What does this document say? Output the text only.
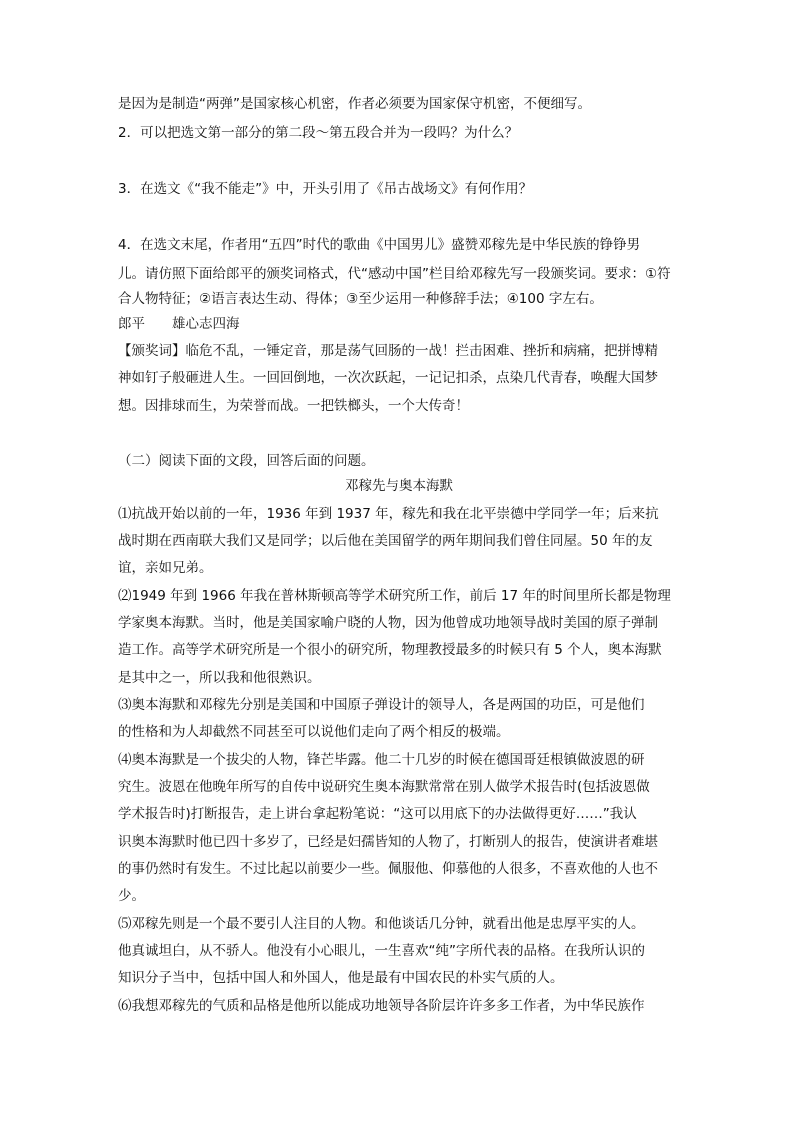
是因为是制造“两弹”是国家核心机密，作者必须要为国家保守机密，不便细写。
2．可以把选文第一部分的第二段～第五段合并为一段吗？为什么？
3．在选文《“我不能走”》中，开头引用了《吊古战场文》有何作用？
4．在选文末尾，作者用“五四”时代的歌曲《中国男儿》盛赞邓稼先是中华民族的铮铮男
儿。请仿照下面给郎平的颁奖词格式，代“感动中国”栏目给邓稼先写一段颁奖词。要求：①符
合人物特征；②语言表达生动、得体；③至少运用一种修辞手法；④100 字左右。
郎平　　雄心志四海
【颁奖词】临危不乱，一锤定音，那是荡气回肠的一战！拦击困难、挫折和病痛，把拼博精
神如钉子般砸进人生。一回回倒地，一次次跃起，一记记扣杀，点染几代青春，唤醒大国梦
想。因排球而生，为荣誉而战。一把铁榔头，一个大传奇！
（二）阅读下面的文段，回答后面的问题。
邓稼先与奥本海默
⑴抗战开始以前的一年，1936 年到 1937 年，稼先和我在北平崇德中学同学一年；后来抗
战时期在西南联大我们又是同学；以后他在美国留学的两年期间我们曾住同屋。50 年的友
谊，亲如兄弟。
⑵1949 年到 1966 年我在普林斯顿高等学术研究所工作，前后 17 年的时间里所长都是物理
学家奥本海默。当时，他是美国家喻户晓的人物，因为他曾成功地领导战时美国的原子弹制
造工作。高等学术研究所是一个很小的研究所，物理教授最多的时候只有 5 个人，奥本海默
是其中之一，所以我和他很熟识。
⑶奥本海默和邓稼先分别是美国和中国原子弹设计的领导人，各是两国的功臣，可是他们
的性格和为人却截然不同甚至可以说他们走向了两个相反的极端。
⑷奥本海默是一个拔尖的人物，锋芒毕露。他二十几岁的时候在德国哥廷根镇做波恩的研
究生。波恩在他晚年所写的自传中说研究生奥本海默常常在别人做学术报告时(包括波恩做
学术报告时)打断报告，走上讲台拿起粉笔说：“这可以用底下的办法做得更好……”我认
识奥本海默时他已四十多岁了，已经是妇孺皆知的人物了，打断别人的报告，使演讲者难堪
的事仍然时有发生。不过比起以前要少一些。佩服他、仰慕他的人很多，不喜欢他的人也不
少。
⑸邓稼先则是一个最不要引人注目的人物。和他谈话几分钟，就看出他是忠厚平实的人。
他真诚坦白，从不骄人。他没有小心眼儿，一生喜欢“纯”字所代表的品格。在我所认识的
知识分子当中，包括中国人和外国人，他是最有中国农民的朴实气质的人。
⑹我想邓稼先的气质和品格是他所以能成功地领导各阶层许许多多工作者，为中华民族作
